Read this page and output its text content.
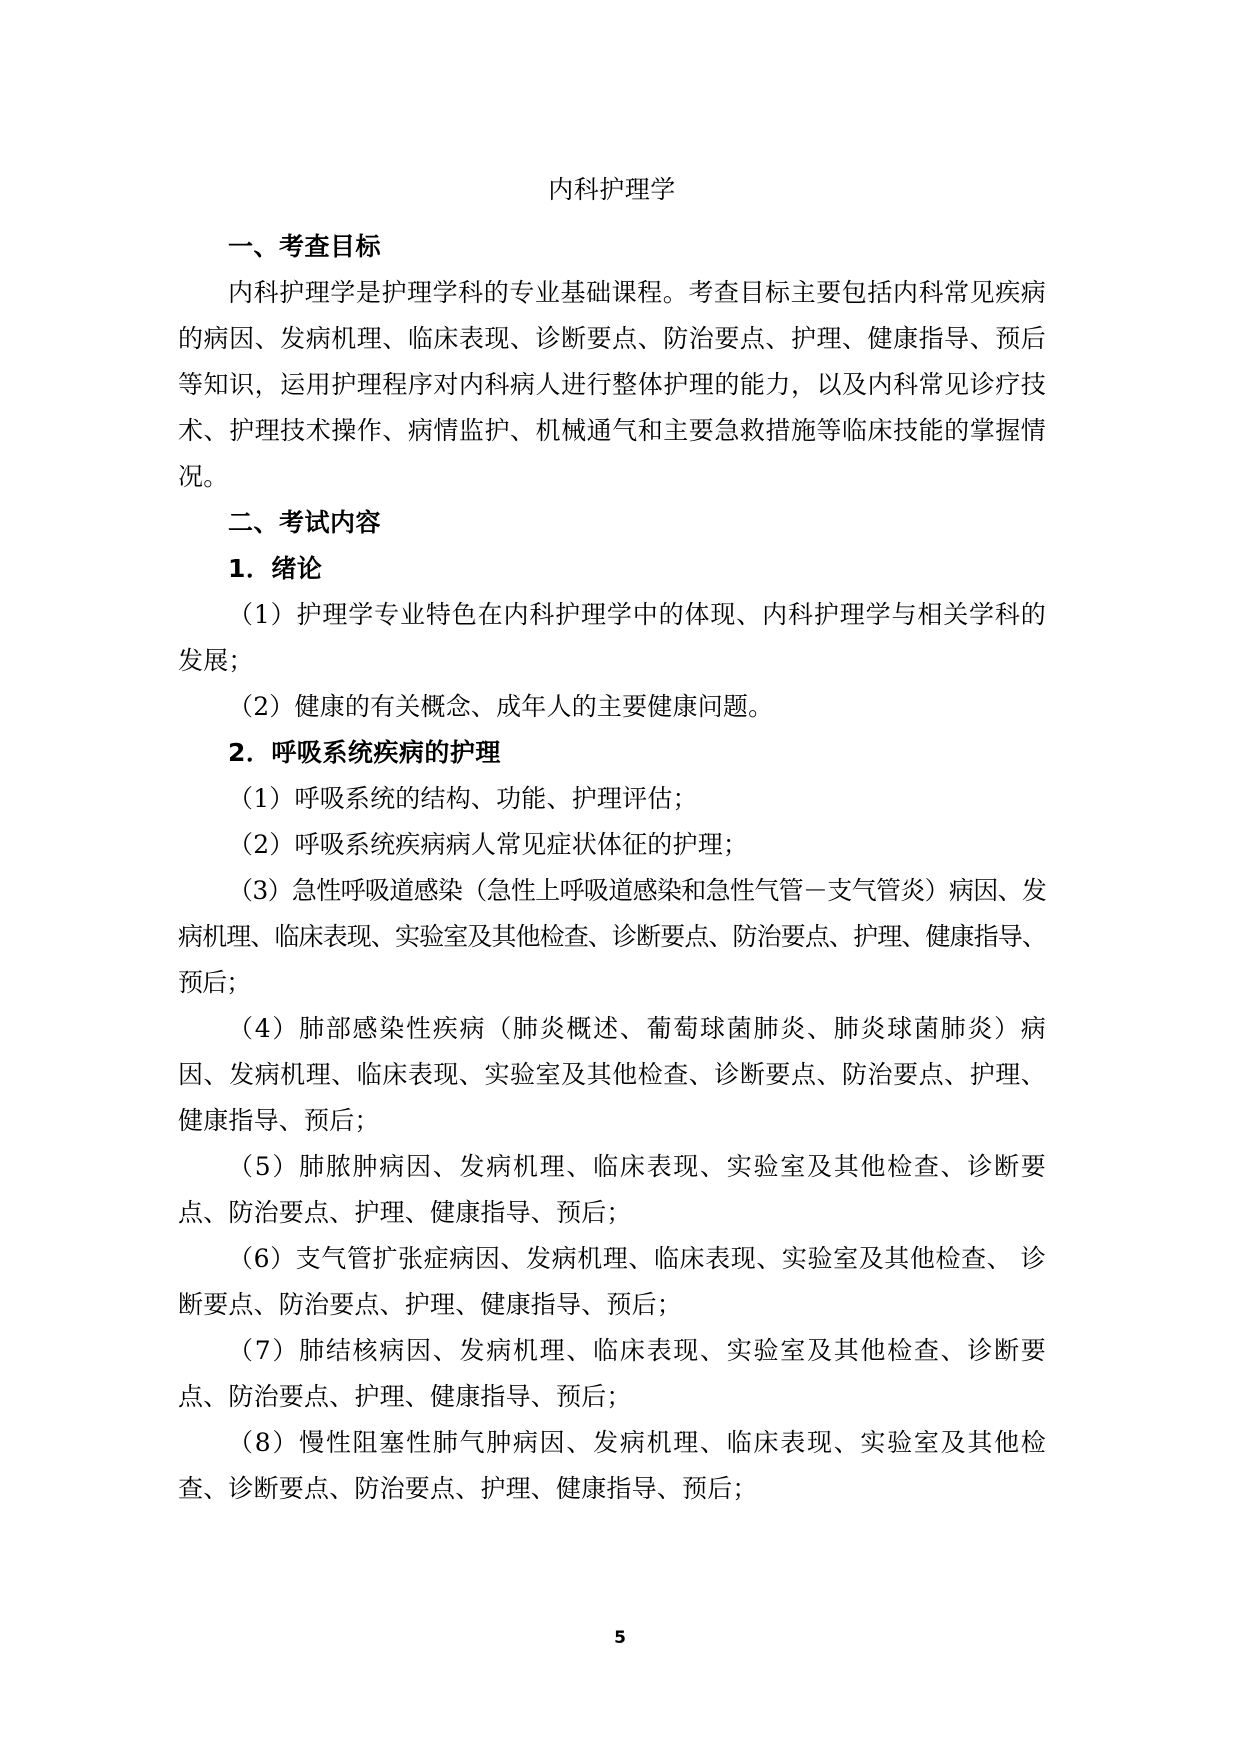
内科护理学
一、考查目标

内科护理学是护理学科的专业基础课程。考查目标主要包括内科常见疾病的病因、发病机理、临床表现、诊断要点、防治要点、护理、健康指导、预后等知识，运用护理程序对内科病人进行整体护理的能力，以及内科常见诊疗技术、护理技术操作、病情监护、机械通气和主要急救措施等临床技能的掌握情况。

二、考试内容
1．绪论

（1）护理学专业特色在内科护理学中的体现、内科护理学与相关学科的发展；

（2）健康的有关概念、成年人的主要健康问题。

2．呼吸系统疾病的护理

（1）呼吸系统的结构、功能、护理评估；

（2）呼吸系统疾病病人常见症状体征的护理；

（3）急性呼吸道感染（急性上呼吸道感染和急性气管－支气管炎）病因、发病机理、临床表现、实验室及其他检查、诊断要点、防治要点、护理、健康指导、预后；

（4）肺部感染性疾病（肺炎概述、葡萄球菌肺炎、肺炎球菌肺炎）病因、发病机理、临床表现、实验室及其他检查、诊断要点、防治要点、护理、健康指导、预后；

（5）肺脓肿病因、发病机理、临床表现、实验室及其他检查、诊断要点、防治要点、护理、健康指导、预后；

（6）支气管扩张症病因、发病机理、临床表现、实验室及其他检查、 诊断要点、防治要点、护理、健康指导、预后；

（7）肺结核病因、发病机理、临床表现、实验室及其他检查、诊断要点、防治要点、护理、健康指导、预后；

（8）慢性阻塞性肺气肿病因、发病机理、临床表现、实验室及其他检查、诊断要点、防治要点、护理、健康指导、预后；

5
